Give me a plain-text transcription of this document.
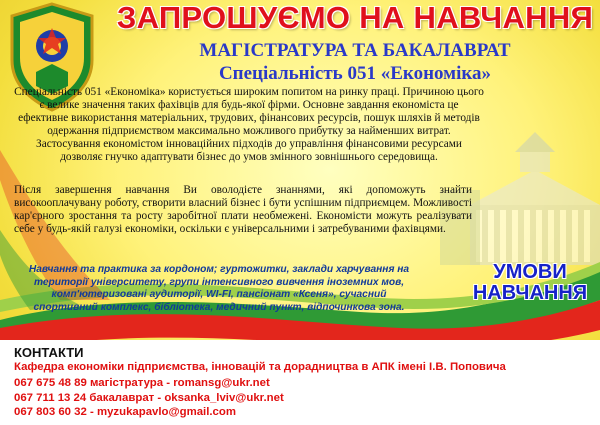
ЗАПРОШУЄМО НА НАВЧАННЯ
МАГІСТРАТУРА ТА БАКАЛАВРАТ
Спеціальність 051 «Економіка»

Спеціальність 051 «Економіка» користується широким попитом на ринку праці. Причиною цього є велике значення таких фахівців для будь-якої фірми. Основне завдання економіста це ефективне використання матеріальних, трудових, фінансових ресурсів, пошук шляхів й методів одержання підприємством максимально можливого прибутку за найменших витрат. Застосування економістом інноваційних підходів до управління фінансовими ресурсами дозволяє гнучко адаптувати бізнес до умов змінного зовнішнього середовища.

Після завершення навчання Ви оволодієте знаннями, які допоможуть знайти високооплачувану роботу, створити власний бізнес і бути успішним підприємцем. Можливості кар'єрного зростання та росту заробітної плати необмежені. Економісти можуть реалізувати себе у будь-якій галузі економіки, оскільки є універсальними і затребуваними фахівцями.

Навчання та практика за кордоном; гуртожитки, заклади харчування на території університету, групи інтенсивного вивчення іноземних мов, комп'ютеризовані аудиторії, WI-FI, пансіонат «Ксеня», сучасний спортивний комплекс, бібліотека, медичний пункт, відпочинкова зона.

УМОВИ НАВЧАННЯ
КОНТАКТИ
Кафедра економіки підприємства, інновацій та дорадництва в АПК імені І.В. Поповича
067 675 48 89 магістратура - romansg@ukr.net
067 711 13 24 бакалаврат - oksanka_lviv@ukr.net
067 803 60 32 - myzukapavlo@gmail.com
